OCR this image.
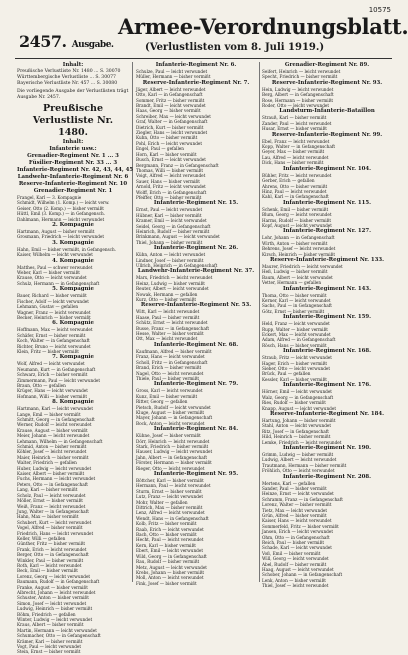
10575
2457. Ausgabe.
Armee-Verordnungsblatt.
(Verlustlisten vom 8. Juli 1919.)
Inhalt:
Preußische Verlustliste Nr. 1480 ... S. 30070
Württembergische Verlustliste ... S. 30077
Bayerische Verlustliste Nr. 457 ... S. 30080
Die vorliegende Ausgabe der Verlustlisten trägt Ausgabe Nr. 2457.
Preußische Verlustliste Nr. 1480.
Inhalt:
Infanterie usw.:
Grenadier-Regiment Nr. 1 ... 3
Füsilier-Regiment Nr. 33 ... 3
Infanterie-Regiment Nr. 42, 43, 44, 45
Landwehr-Infanterie-Regiment Nr. 6
Reserve-Infanterie-Regiment Nr. 10
Grenadier-Regiment Nr. 1
Frangel, Karl — 3. Kompagnie
Schmidt, Wilhelm (1. Komp.) — leicht verw.
Geiser, Otto (2. Komp.) — bisher vermißt
Hüttl, Emil (3. Komp.) — in Gefangensch.
Dahlmann, Hermann — leicht verwundet
2. Kompagnie
Hartmann, August — bisher vermißt
Grosmann, Friedrich — leicht verwundet
3. Kompagnie
Hahn, Emil — bisher vermißt, in Gefangensch.
Kaiser, Wilhelm — leicht verwundet
4. Kompagnie
Matthes, Paul — schwer verwundet
Weber, Karl — bisher vermißt
Krause, Otto — leicht verwundet
Schulz, Hermann — in Gefangenschaft
5. Kompagnie
Bauer, Richard — bisher vermißt
Fischer, Adolf — leicht verwundet
Lehmann, Gustav — gefallen
Wagner, Franz — leicht verwundet
Becker, Heinrich — bisher vermißt
6. Kompagnie
Hoffmann, Max — leicht verwundet
Schäfer, Ernst — bisher vermißt
Koch, Walter — in Gefangenschaft
Richter, Bruno — leicht verwundet
Klein, Fritz — bisher vermißt
7. Kompagnie
Wolf, Alfred — leicht verwundet
Neumann, Kurt — in Gefangenschaft
Schwarz, Erich — bisher vermißt
Zimmermann, Paul — leicht verwundet
Braun, Otto — gefallen
Krüger, Hans — leicht verwundet
Hofmann, Willi — bisher vermißt
8. Kompagnie
Hartmann, Karl — leicht verwundet
Lange, Emil — bisher vermißt
Schmitt, Georg — in Gefangenschaft
Werner, Rudolf — leicht verwundet
Krause, August — bisher vermißt
Meier, Johann — leicht verwundet
Lehmann, Wilhelm — in Gefangenschaft
Schmid, Anton — bisher vermißt
Köhler, Josef — leicht verwundet
Maier, Heinrich — bisher vermißt
Walter, Friedrich — gefallen
Huber, Ludwig — leicht verwundet
Kaiser, Albert — bisher vermißt
Fuchs, Hermann — leicht verwundet
Peters, Otto — in Gefangenschaft
Lang, Karl — bisher vermißt
Scholz, Paul — leicht verwundet
Möller, Ernst — bisher vermißt
Weiß, Franz — leicht verwundet
Jung, Walter — in Gefangenschaft
Hahn, Max — bisher vermißt
Schubert, Kurt — leicht verwundet
Vogel, Alfred — bisher vermißt
Friedrich, Hans — leicht verwundet
Keller, Willi — gefallen
Günther, Fritz — bisher vermißt
Frank, Erich — leicht verwundet
Berger, Otto — in Gefangenschaft
Winkler, Paul — bisher vermißt
Roth, Karl — leicht verwundet
Beck, Emil — bisher vermißt
Lorenz, Georg — leicht verwundet
Baumann, Rudolf — in Gefangenschaft
Franke, August — bisher vermißt
Albrecht, Johann — leicht verwundet
Schuster, Anton — bisher vermißt
Simon, Josef — leicht verwundet
Ludwig, Heinrich — bisher vermißt
Böhm, Friedrich — gefallen
Winter, Ludwig — leicht verwundet
Kraus, Albert — bisher vermißt
Martin, Hermann — leicht verwundet
Schumacher, Otto — in Gefangenschaft
Krämer, Karl — bisher vermißt
Vogt, Paul — leicht verwundet
Stein, Ernst — bisher vermißt
Infanterie-Regiment Nr. 6.
Schulze, Paul — leicht verwundet
Müller, Hermann — bisher vermißt
Reserve-Infanterie-Regiment Nr. 7.
Jäger, Albert — leicht verwundet
Otto, Karl — in Gefangenschaft
Sommer, Fritz — bisher vermißt
Brandt, Emil — leicht verwundet
Haas, Georg — bisher vermißt
Schreiber, Max — leicht verwundet
Graf, Walter — in Gefangenschaft
Dietrich, Kurt — bisher vermißt
Ziegler, Hans — leicht verwundet
Kuhn, Otto — bisher vermißt
Pohl, Erich — leicht verwundet
Engel, Paul — gefallen
Horn, Karl — bisher vermißt
Busch, Ernst — leicht verwundet
Bergmann, Franz — in Gefangenschaft
Thomas, Willi — bisher vermißt
Voigt, Alfred — leicht verwundet
Sauer, Hans — bisher vermißt
Arnold, Fritz — leicht verwundet
Wolff, Erich — in Gefangenschaft
Pfeiffer, Otto — bisher vermißt
Infanterie-Regiment Nr. 15.
Ernst, Paul — leicht verwundet
Hübner, Karl — bisher vermißt
Kramer, Emil — leicht verwundet
Seidel, Georg — in Gefangenschaft
Heinrich, Rudolf — bisher vermißt
Brinkmann, August — leicht verwundet
Thiel, Johann — bisher vermißt
Infanterie-Regiment Nr. 26.
Kühn, Anton — leicht verwundet
Lindner, Josef — bisher vermißt
Ullrich, Heinrich — in Gefangenschaft
Landwehr-Infanterie-Regiment Nr. 37.
Marx, Friedrich — leicht verwundet
Heinz, Ludwig — bisher vermißt
Reuter, Albert — leicht verwundet
Nowak, Hermann — gefallen
Kurz, Otto — bisher vermißt
Reserve-Infanterie-Regiment Nr. 53.
Witt, Karl — leicht verwundet
Haase, Paul — bisher vermißt
Schütz, Ernst — leicht verwundet
Busse, Franz — in Gefangenschaft
Hesse, Walter — bisher vermißt
Ott, Max — leicht verwundet
Infanterie-Regiment Nr. 68.
Kaufmann, Alfred — bisher vermißt
Franz, Hans — leicht verwundet
Scholl, Fritz — in Gefangenschaft
Brand, Erich — bisher vermißt
Nagel, Otto — leicht verwundet
Thiele, Paul — bisher vermißt
Infanterie-Regiment Nr. 79.
Gross, Karl — leicht verwundet
Kunz, Emil — bisher vermißt
Ritter, Georg — gefallen
Pietsch, Rudolf — leicht verwundet
Kluge, August — bisher vermißt
Mayer, Johann — in Gefangenschaft
Bock, Anton — leicht verwundet
Infanterie-Regiment Nr. 84.
Kühne, Josef — bisher vermißt
Dörr, Heinrich — leicht verwundet
Stark, Friedrich — bisher vermißt
Hauser, Ludwig — leicht verwundet
Jahn, Albert — in Gefangenschaft
Förster, Hermann — bisher vermißt
Rieger, Otto — leicht verwundet
Infanterie-Regiment Nr. 95.
Böttcher, Karl — bisher vermißt
Hermann, Paul — leicht verwundet
Sturm, Ernst — bisher vermißt
Lutz, Franz — leicht verwundet
Mohr, Walter — gefallen
Dittrich, Max — bisher vermißt
Lenz, Alfred — leicht verwundet
Wendt, Hans — in Gefangenschaft
Kolb, Fritz — bisher vermißt
Raab, Erich — leicht verwundet
Bach, Otto — bisher vermißt
Hecht, Paul — leicht verwundet
Kern, Karl — bisher vermißt
Ebert, Emil — leicht verwundet
Wild, Georg — in Gefangenschaft
Rau, Rudolf — bisher vermißt
Metz, August — leicht verwundet
Krebs, Johann — bisher vermißt
Moll, Anton — leicht verwundet
Fink, Josef — bisher vermißt
Grenadier-Regiment Nr. 89.
Seifert, Heinrich — leicht verwundet
Specht, Friedrich — bisher vermißt
Reserve-Infanterie-Regiment Nr. 93.
Hein, Ludwig — leicht verwundet
Berg, Albert — in Gefangenschaft
Rose, Hermann — bisher vermißt
Roder, Otto — leicht verwundet
Landsturm-Infanterie-Bataillon
Strauß, Karl — bisher vermißt
Zander, Paul — leicht verwundet
Husar, Ernst — bisher vermißt
Reserve-Infanterie-Regiment Nr. 99.
Ebel, Franz — leicht verwundet
Kopp, Walter — in Gefangenschaft
Geyer, Max — bisher vermißt
Lau, Alfred — leicht verwundet
Dick, Hans — bisher vermißt
Infanterie-Regiment Nr. 104.
Bühler, Fritz — leicht verwundet
Gerber, Erich — gefallen
Ahrens, Otto — bisher vermißt
Hinz, Paul — leicht verwundet
Kahl, Karl — in Gefangenschaft
Infanterie-Regiment Nr. 115.
Schenk, Emil — bisher vermißt
Blum, Georg — leicht verwundet
Harms, Rudolf — bisher vermißt
Kopf, August — leicht verwundet
Infanterie-Regiment Nr. 127.
Lohr, Johann — in Gefangenschaft
Wirth, Anton — bisher vermißt
Behrens, Josef — leicht verwundet
Kirsch, Heinrich — bisher vermißt
Reserve-Infanterie-Regiment Nr. 133.
Maurer, Friedrich — leicht verwundet
Heß, Ludwig — bisher vermißt
Baum, Albert — leicht verwundet
Vetter, Hermann — gefallen
Infanterie-Regiment Nr. 143.
Thoma, Otto — bisher vermißt
Kerner, Karl — leicht verwundet
Sachs, Paul — in Gefangenschaft
Götz, Ernst — bisher vermißt
Infanterie-Regiment Nr. 159.
Held, Franz — leicht verwundet
Rupp, Walter — bisher vermißt
Eckert, Max — leicht verwundet
Adam, Alfred — in Gefangenschaft
Rösch, Hans — bisher vermißt
Infanterie-Regiment Nr. 168.
Straub, Fritz — leicht verwundet
Hager, Erich — bisher vermißt
Sieber, Otto — leicht verwundet
Brück, Paul — gefallen
Kessler, Karl — bisher vermißt
Infanterie-Regiment Nr. 176.
Hörner, Emil — leicht verwundet
Walz, Georg — in Gefangenschaft
Ries, Rudolf — bisher vermißt
Knapp, August — leicht verwundet
Reserve-Infanterie-Regiment Nr. 184.
Hartung, Johann — bisher vermißt
Stahl, Anton — leicht verwundet
Ritz, Josef — in Gefangenschaft
Hild, Heinrich — bisher vermißt
Lemke, Friedrich — leicht verwundet
Infanterie-Regiment Nr. 190.
Grimm, Ludwig — bisher vermißt
Ludwig, Albert — leicht verwundet
Trautmann, Hermann — bisher vermißt
Fröhlich, Otto — leicht verwundet
Infanterie-Regiment Nr. 208.
Mertens, Karl — gefallen
Sander, Paul — bisher vermißt
Heinze, Ernst — leicht verwundet
Schramm, Franz — in Gefangenschaft
Lorenz, Walter — bisher vermißt
Tietz, Max — leicht verwundet
Grün, Alfred — bisher vermißt
Kaiser, Hans — leicht verwundet
Sommerfeld, Fritz — bisher vermißt
Jansen, Erich — leicht verwundet
Ohm, Otto — in Gefangenschaft
Reich, Paul — bisher vermißt
Schade, Karl — leicht verwundet
Voß, Emil — bisher vermißt
Will, Georg — leicht verwundet
Abel, Rudolf — bisher vermißt
Haag, August — leicht verwundet
Schober, Johann — in Gefangenschaft
Lenk, Anton — bisher vermißt
Thiel, Josef — leicht verwundet
